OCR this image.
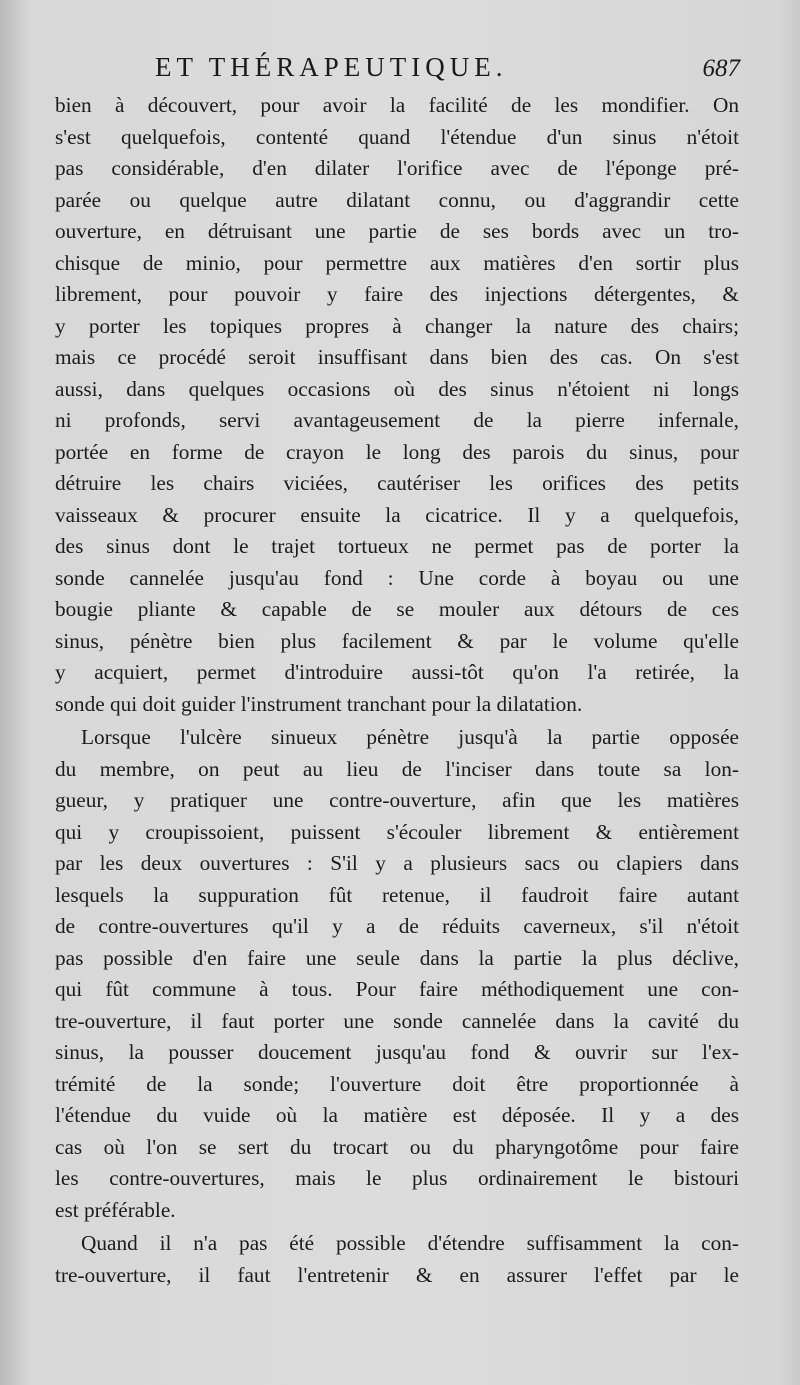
ET THÉRAPEUTIQUE.	687
bien à découvert, pour avoir la facilité de les mondifier. On
s'est quelquefois, contenté quand l'étendue d'un sinus n'étoit
pas considérable, d'en dilater l'orifice avec de l'éponge pré-
parée ou quelque autre dilatant connu, ou d'aggrandir cette
ouverture, en détruisant une partie de ses bords avec un tro-
chisque de minio, pour permettre aux matières d'en sortir plus
librement, pour pouvoir y faire des injections détergentes, &
y porter les topiques propres à changer la nature des chairs;
mais ce procédé seroit insuffisant dans bien des cas. On s'est
aussi, dans quelques occasions où des sinus n'étoient ni longs
ni profonds, servi avantageusement de la pierre infernale,
portée en forme de crayon le long des parois du sinus, pour
détruire les chairs viciées, cautériser les orifices des petits
vaisseaux & procurer ensuite la cicatrice. Il y a quelquefois,
des sinus dont le trajet tortueux ne permet pas de porter la
sonde cannelée jusqu'au fond : Une corde à boyau ou une
bougie pliante & capable de se mouler aux détours de ces
sinus, pénètre bien plus facilement & par le volume qu'elle
y acquiert, permet d'introduire aussi-tôt qu'on l'a retirée, la
sonde qui doit guider l'instrument tranchant pour la dilatation.
Lorsque l'ulcère sinueux pénètre jusqu'à la partie opposée
du membre, on peut au lieu de l'inciser dans toute sa lon-
gueur, y pratiquer une contre-ouverture, afin que les matières
qui y croupissoient, puissent s'écouler librement & entièrement
par les deux ouvertures : S'il y a plusieurs sacs ou clapiers dans
lesquels la suppuration fût retenue, il faudroit faire autant
de contre-ouvertures qu'il y a de réduits caverneux, s'il n'étoit
pas possible d'en faire une seule dans la partie la plus déclive,
qui fût commune à tous. Pour faire méthodiquement une con-
tre-ouverture, il faut porter une sonde cannelée dans la cavité du
sinus, la pousser doucement jusqu'au fond & ouvrir sur l'ex-
trémité de la sonde; l'ouverture doit être proportionnée à
l'étendue du vuide où la matière est déposée. Il y a des
cas où l'on se sert du trocart ou du pharyngotôme pour faire
les contre-ouvertures, mais le plus ordinairement le bistouri
est préférable.
Quand il n'a pas été possible d'étendre suffisamment la con-
tre-ouverture, il faut l'entretenir & en assurer l'effet par le
